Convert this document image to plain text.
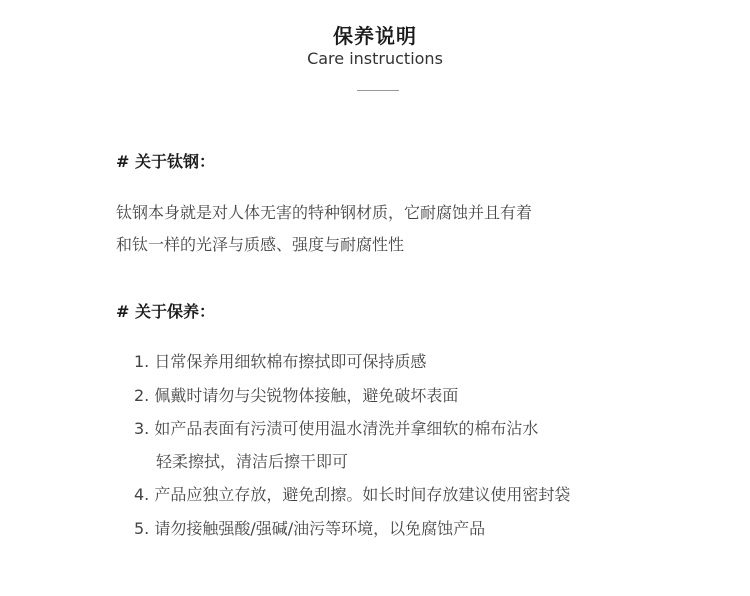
保养说明
Care instructions
# 关于钛钢：
钛钢本身就是对人体无害的特种钢材质，它耐腐蚀并且有着
和钛一样的光泽与质感、强度与耐腐性性
# 关于保养：
1. 日常保养用细软棉布擦拭即可保持质感
2. 佩戴时请勿与尖锐物体接触，避免破坏表面
3. 如产品表面有污渍可使用温水清洗并拿细软的棉布沾水
轻柔擦拭，清洁后擦干即可
4. 产品应独立存放，避免刮擦。如长时间存放建议使用密封袋
5. 请勿接触强酸/强碱/油污等环境，以免腐蚀产品
